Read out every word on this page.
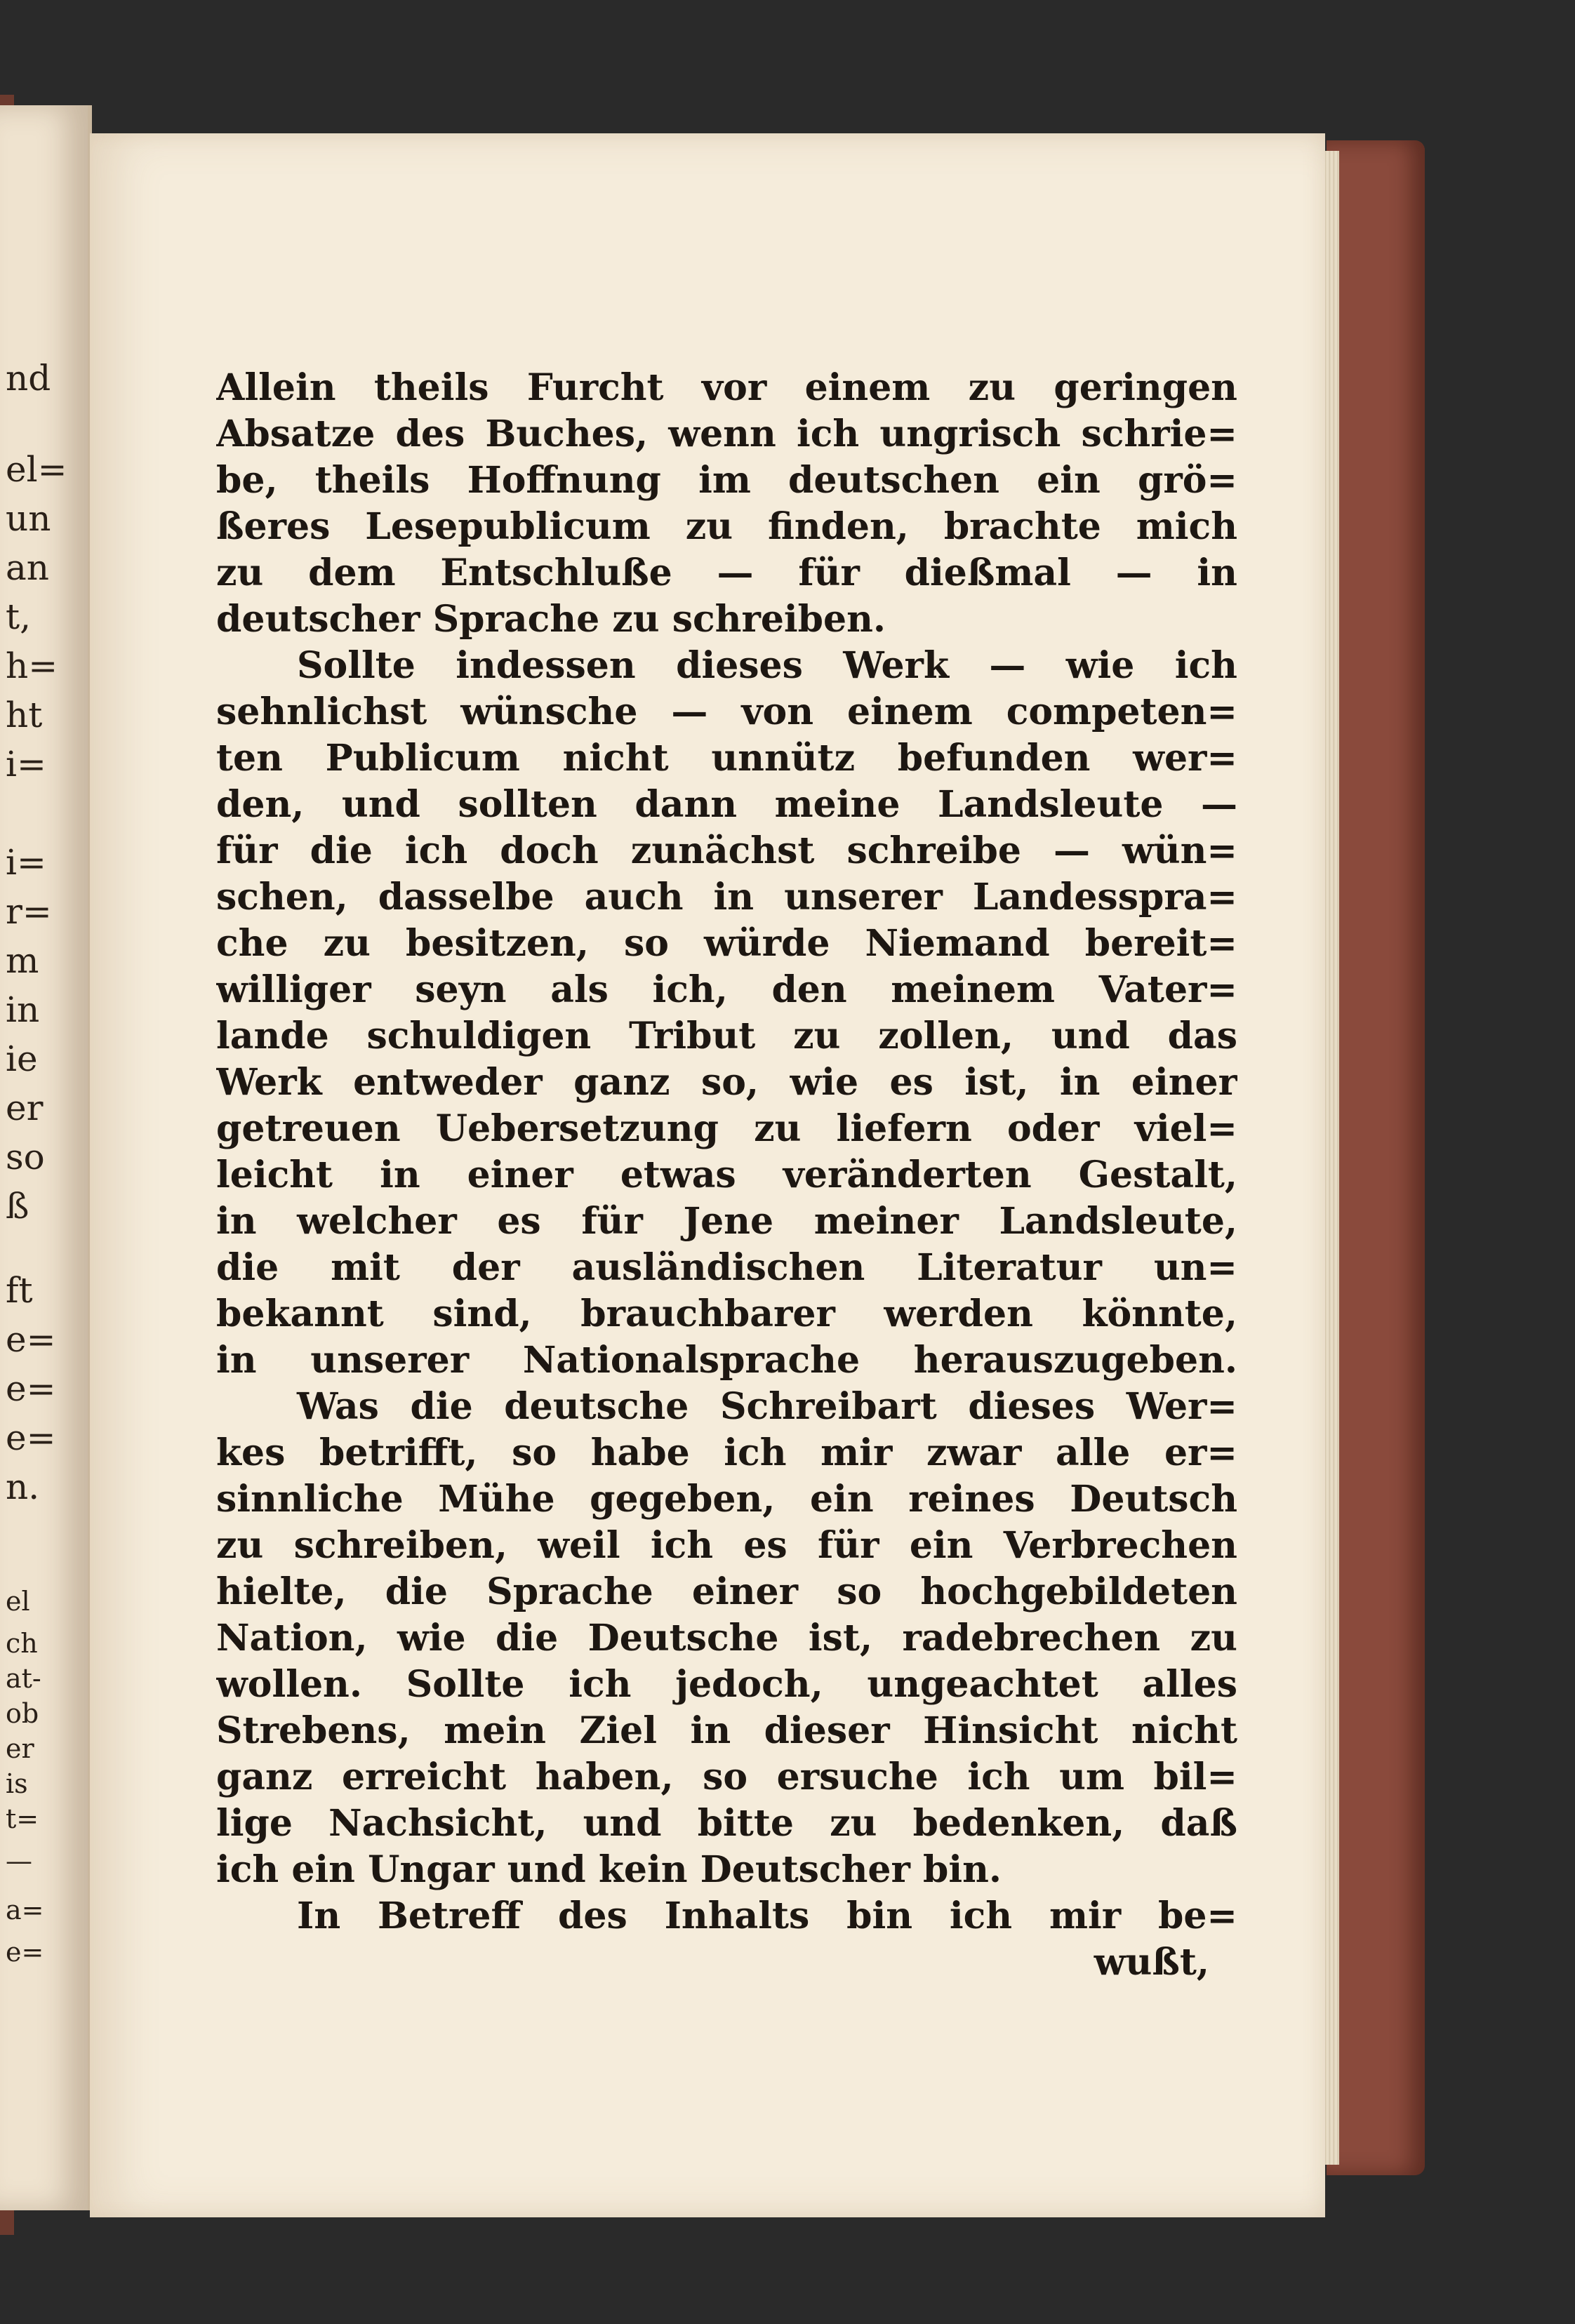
nd
el=
un
an
t,
h=
ht
i=
i=
r=
m
in
ie
er
so
ß
ft
e=
e=
e=
n.
el
ch
at-
ob
er
is
t=
—
a=
e=
Allein theils Furcht vor einem zu geringen
Absatze des Buches, wenn ich ungrisch schrie=
be, theils Hoffnung im deutschen ein grö=
ßeres Lesepublicum zu finden, brachte mich
zu dem Entschluße — für dießmal — in
deutscher Sprache zu schreiben.
Sollte indessen dieses Werk — wie ich
sehnlichst wünsche — von einem competen=
ten Publicum nicht unnütz befunden wer=
den, und sollten dann meine Landsleute —
für die ich doch zunächst schreibe — wün=
schen, dasselbe auch in unserer Landesspra=
che zu besitzen, so würde Niemand bereit=
williger seyn als ich, den meinem Vater=
lande schuldigen Tribut zu zollen, und das
Werk entweder ganz so, wie es ist, in einer
getreuen Uebersetzung zu liefern oder viel=
leicht in einer etwas veränderten Gestalt,
in welcher es für Jene meiner Landsleute,
die mit der ausländischen Literatur un=
bekannt sind, brauchbarer werden könnte,
in unserer Nationalsprache herauszugeben.
Was die deutsche Schreibart dieses Wer=
kes betrifft, so habe ich mir zwar alle er=
sinnliche Mühe gegeben, ein reines Deutsch
zu schreiben, weil ich es für ein Verbrechen
hielte, die Sprache einer so hochgebildeten
Nation, wie die Deutsche ist, radebrechen zu
wollen. Sollte ich jedoch, ungeachtet alles
Strebens, mein Ziel in dieser Hinsicht nicht
ganz erreicht haben, so ersuche ich um bil=
lige Nachsicht, und bitte zu bedenken, daß
ich ein Ungar und kein Deutscher bin.
In Betreff des Inhalts bin ich mir be=
wußt,
